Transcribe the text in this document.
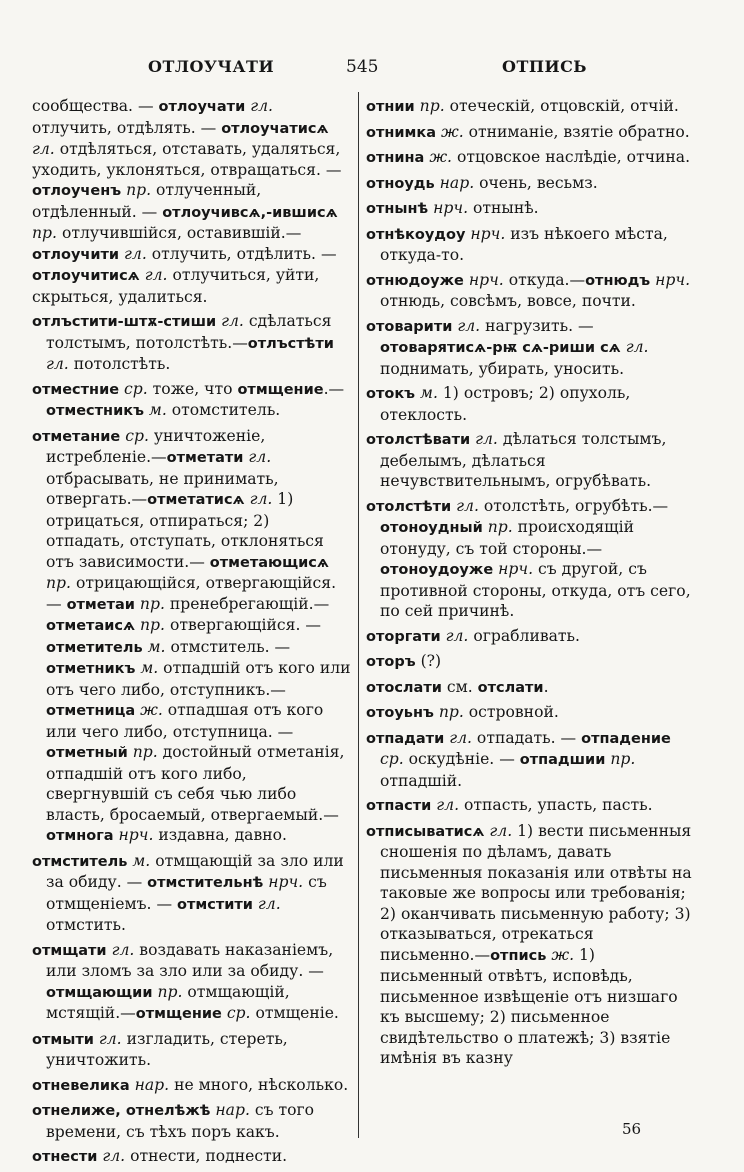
ОТЛОУЧАТИ	545	ОТПИСЬ
сообщества. — отлоучати гл. отлучить, отдѣлять. — отлоучатисѧ гл. отдѣляться, отставать, удаляться, уходить, уклоняться, отвращаться. —отлоученъ пр. отлученный, отдѣленный. — отлоучивсѧ,-ившисѧ пр. отлучившійся, оставившій.—отлоучити гл. отлучить, отдѣлить. — отлоучитисѧ гл. отлучиться, уйти, скрыться, удалиться.
отлъстити-штѫ-стиши гл. сдѣлаться толстымъ, потолстѣть.—отлъстѣти гл. потолстѣть.
отместние ср. тоже, что отмщение.— отместникъ м. отомститель.
отметание ср. уничтоженіе, истребленіе.—отметати гл. отбрасывать, не принимать, отвергать.—отметатисѧ гл. 1) отрицаться, отпираться; 2) отпадать, отступать, отклоняться отъ зависимости.— отметающисѧ пр. отрицающійся, отвергающійся. — отметаи пр. пренебрегающій.— отметаисѧ пр. отвергающійся. — отметитель м. отмститель. — отметникъ м. отпадшій отъ кого или отъ чего либо, отступникъ.—отметница ж. отпадшая отъ кого или чего либо, отступница. — отметный пр. достойный отметанія, отпадшій отъ кого либо, свергнувшій съ себя чью либо власть, бросаемый, отвергаемый.—отмнога нрч. издавна, давно.
отмститель м. отмщающій за зло или за обиду. — отмстительнѣ нрч. съ отмщеніемъ. — отмстити гл. отмстить.
отмщати гл. воздавать наказаніемъ, или зломъ за зло или за обиду. — отмщающии пр. отмщающій, мстящій.—отмщение ср. отмщеніе.
отмыти гл. изгладить, стереть, уничтожить.
отневелика нар. не много, нѣсколько.
отнелиже, отнелѣжѣ нар. съ того времени, съ тѣхъ поръ какъ.
отнести гл. отнести, поднести.
отнии пр. отеческій, отцовскій, отчій.
отнимка ж. отниманіе, взятіе обратно.
отнина ж. отцовское наслѣдіе, отчина.
отноудь нар. очень, весьмз.
отнынѣ нрч. отнынѣ.
отнѣкоудоу нрч. изъ нѣкоего мѣста, откуда-то.
отнюдоуже нрч. откуда.—отнюдъ нрч. отнюдь, совсѣмъ, вовсе, почти.
отоварити гл. нагрузить. — отоварятисѧ-рѭ сѧ-риши сѧ гл. поднимать, убирать, уносить.
отокъ м. 1) островъ; 2) опухоль, отеклость.
отолстѣвати гл. дѣлаться толстымъ, дебелымъ, дѣлаться нечувствительнымъ, огрубѣвать.
отолстѣти гл. отолстѣть, огрубѣть.— отоноудный пр. происходящій отонуду, съ той стороны.—отоноудоуже нрч. съ другой, съ противной стороны, откуда, отъ сего, по сей причинѣ.
оторгати гл. ограбливать.
оторъ (?)
отослати см. отслати.
отоуьнъ пр. островной.
отпадати гл. отпадать. — отпадение ср. оскудѣніе. — отпадшии пр. отпадшій.
отпасти гл. отпасть, упасть, пасть.
отписыватисѧ гл. 1) вести письменныя сношенія по дѣламъ, давать письменныя показанія или отвѣты на таковые же вопросы или требованія; 2) оканчивать письменную работу; 3) отказываться, отрекаться письменно.—отпись ж. 1) письменный отвѣтъ, исповѣдь, письменное извѣщеніе отъ низшаго къ высшему; 2) письменное свидѣтельство о платежѣ; 3) взятіе имѣнія въ казну
56
